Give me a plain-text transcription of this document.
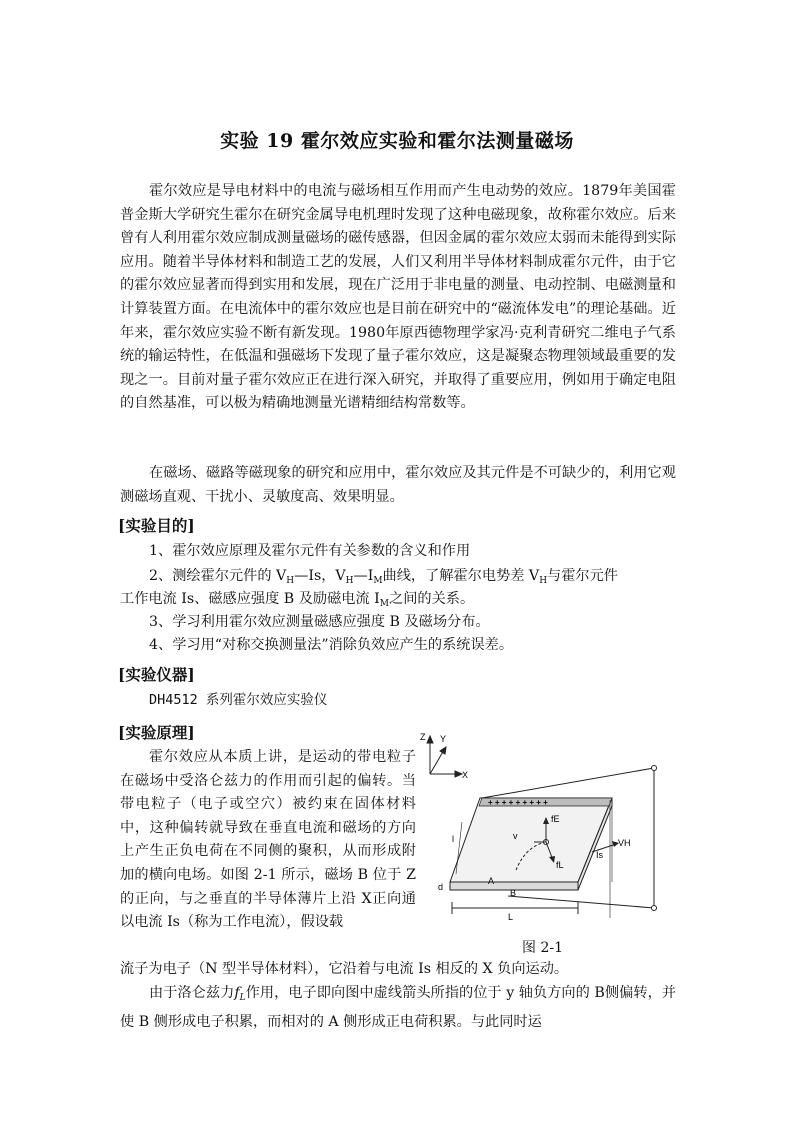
实验 19 霍尔效应实验和霍尔法测量磁场

霍尔效应是导电材料中的电流与磁场相互作用而产生电动势的效应。1879年美国霍普金斯大学研究生霍尔在研究金属导电机理时发现了这种电磁现象，故称霍尔效应。后来曾有人利用霍尔效应制成测量磁场的磁传感器，但因金属的霍尔效应太弱而未能得到实际应用。随着半导体材料和制造工艺的发展，人们又利用半导体材料制成霍尔元件，由于它的霍尔效应显著而得到实用和发展，现在广泛用于非电量的测量、电动控制、电磁测量和计算装置方面。在电流体中的霍尔效应也是目前在研究中的“磁流体发电”的理论基础。近年来，霍尔效应实验不断有新发现。1980年原西德物理学家冯·克利青研究二维电子气系统的输运特性，在低温和强磁场下发现了量子霍尔效应，这是凝聚态物理领域最重要的发现之一。目前对量子霍尔效应正在进行深入研究，并取得了重要应用，例如用于确定电阻的自然基准，可以极为精确地测量光谱精细结构常数等。

在磁场、磁路等磁现象的研究和应用中，霍尔效应及其元件是不可缺少的，利用它观测磁场直观、干扰小、灵敏度高、效果明显。

[实验目的]

1、霍尔效应原理及霍尔元件有关参数的含义和作用

2、测绘霍尔元件的 $V_H—Is$，$V_H—I_M$曲线，了解霍尔电势差 $V_H$与霍尔元件

工作电流 Is、磁感应强度 B 及励磁电流 $I_M$之间的关系。

3、学习利用霍尔效应测量磁感应强度 B 及磁场分布。

4、学习用“对称交换测量法”消除负效应产生的系统误差。

[实验仪器]

DH4512 系列霍尔效应实验仪

[实验原理]

霍尔效应从本质上讲，是运动的带电粒子在磁场中受洛仑兹力的作用而引起的偏转。当带电粒子（电子或空穴）被约束在固体材料中，这种偏转就导致在垂直电流和磁场的方向上产生正负电荷在不同侧的聚积，从而形成附加的横向电场。如图 2-1 所示，磁场 B 位于 Z的正向，与之垂直的半导体薄片上沿 X正向通以电流 Is（称为工作电流），假设载

流子为电子（N 型半导体材料），它沿着与电流 Is 相反的 X 负向运动。

由于洛仑兹力$f_L$作用，电子即向图中虚线箭头所指的位于 y 轴负方向的 B侧偏转，并使 B 侧形成电子积累，而相对的 A 侧形成正电荷积累。与此同时运

Z Y
X
+ + + + + + + + +
v
fE
fL
Is
VH
A
B
l
d
L
图 2-1
